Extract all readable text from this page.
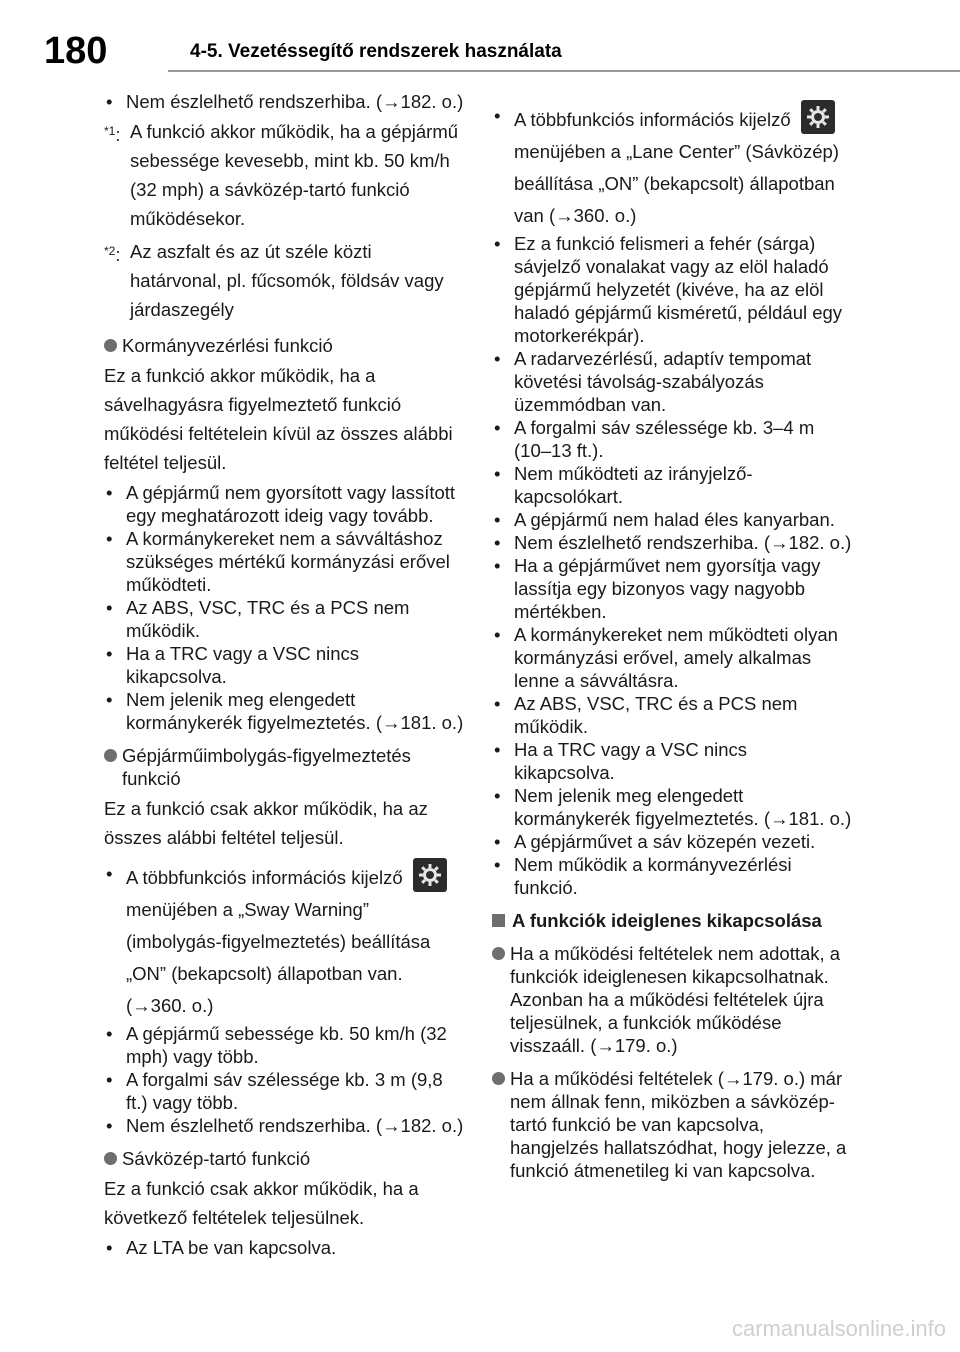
180	4-5. Vezetéssegítő rendszerek használata
• Nem észlelhető rendszerhiba. (→182. o.)
$^{*1}$: A funkció akkor működik, ha a gépjármű sebessége kevesebb, mint kb. 50 km/h (32 mph) a sávközép-tartó funkció működésekor.
$^{*2}$: Az aszfalt és az út széle közti határvonal, pl. fűcsomók, földsáv vagy járdaszegély
Kormányvezérlési funkció
Ez a funkció akkor működik, ha a sávelhagyásra figyelmeztető funkció működési feltételein kívül az összes alábbi feltétel teljesül.
• A gépjármű nem gyorsított vagy lassított egy meghatározott ideig vagy tovább.
• A kormánykereket nem a sávváltáshoz szükséges mértékű kormányzási erővel működteti.
• Az ABS, VSC, TRC és a PCS nem működik.
• Ha a TRC vagy a VSC nincs kikapcsolva.
• Nem jelenik meg elengedett kormánykerék figyelmeztetés. (→181. o.)
Gépjárműimbolygás-figyelmeztetés funkció
Ez a funkció csak akkor működik, ha az összes alábbi feltétel teljesül.
• A többfunkciós információs kijelző
menüjében a „Sway Warning” (imbolygás-figyelmeztetés) beállítása „ON” (bekapcsolt) állapotban van. (→360. o.)
• A gépjármű sebessége kb. 50 km/h (32 mph) vagy több.
• A forgalmi sáv szélessége kb. 3 m (9,8 ft.) vagy több.
• Nem észlelhető rendszerhiba. (→182. o.)
Sávközép-tartó funkció
Ez a funkció csak akkor működik, ha a következő feltételek teljesülnek.
• Az LTA be van kapcsolva.
• A többfunkciós információs kijelző
menüjében a „Lane Center” (Sávközép) beállítása „ON” (bekapcsolt) állapotban van (→360. o.)
• Ez a funkció felismeri a fehér (sárga) sávjelző vonalakat vagy az elöl haladó gépjármű helyzetét (kivéve, ha az elöl haladó gépjármű kisméretű, például egy motorkerékpár).
• A radarvezérlésű, adaptív tempomat követési távolság-szabályozás üzemmódban van.
• A forgalmi sáv szélessége kb. 3–4 m (10–13 ft.).
• Nem működteti az irányjelző-kapcsolókart.
• A gépjármű nem halad éles kanyarban.
• Nem észlelhető rendszerhiba. (→182. o.)
• Ha a gépjárművet nem gyorsítja vagy lassítja egy bizonyos vagy nagyobb mértékben.
• A kormánykereket nem működteti olyan kormányzási erővel, amely alkalmas lenne a sávváltásra.
• Az ABS, VSC, TRC és a PCS nem működik.
• Ha a TRC vagy a VSC nincs kikapcsolva.
• Nem jelenik meg elengedett kormánykerék figyelmeztetés. (→181. o.)
• A gépjárművet a sáv közepén vezeti.
• Nem működik a kormányvezérlési funkció.
A funkciók ideiglenes kikapcsolása
Ha a működési feltételek nem adottak, a funkciók ideiglenesen kikapcsolhatnak. Azonban ha a működési feltételek újra teljesülnek, a funkciók működése visszaáll. (→179. o.)
Ha a működési feltételek (→179. o.) már nem állnak fenn, miközben a sávközép-tartó funkció be van kapcsolva, hangjelzés hallatszódhat, hogy jelezze, a funkció átmenetileg ki van kapcsolva.
carmanualsonline.info
